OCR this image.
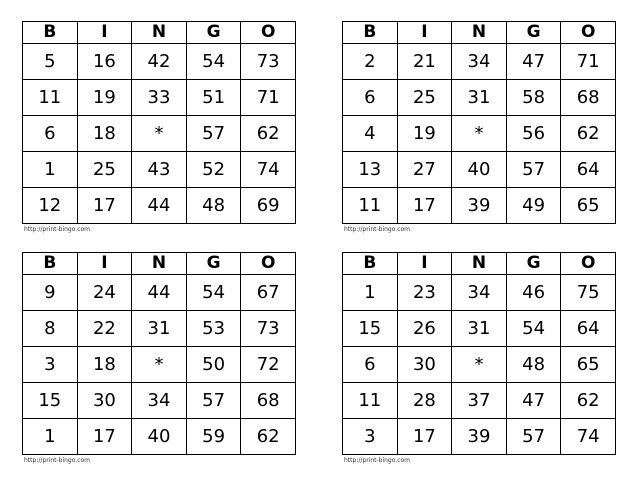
B	I	N	G	O
5	16	42	54	73
11	19	33	51	71
6	18	*	57	62
1	25	43	52	74
12	17	44	48	69
http://print-bingo.com
B	I	N	G	O
2	21	34	47	71
6	25	31	58	68
4	19	*	56	62
13	27	40	57	64
11	17	39	49	65
http://print-bingo.com
B	I	N	G	O
9	24	44	54	67
8	22	31	53	73
3	18	*	50	72
15	30	34	57	68
1	17	40	59	62
http://print-bingo.com
B	I	N	G	O
1	23	34	46	75
15	26	31	54	64
6	30	*	48	65
11	28	37	47	62
3	17	39	57	74
http://print-bingo.com
